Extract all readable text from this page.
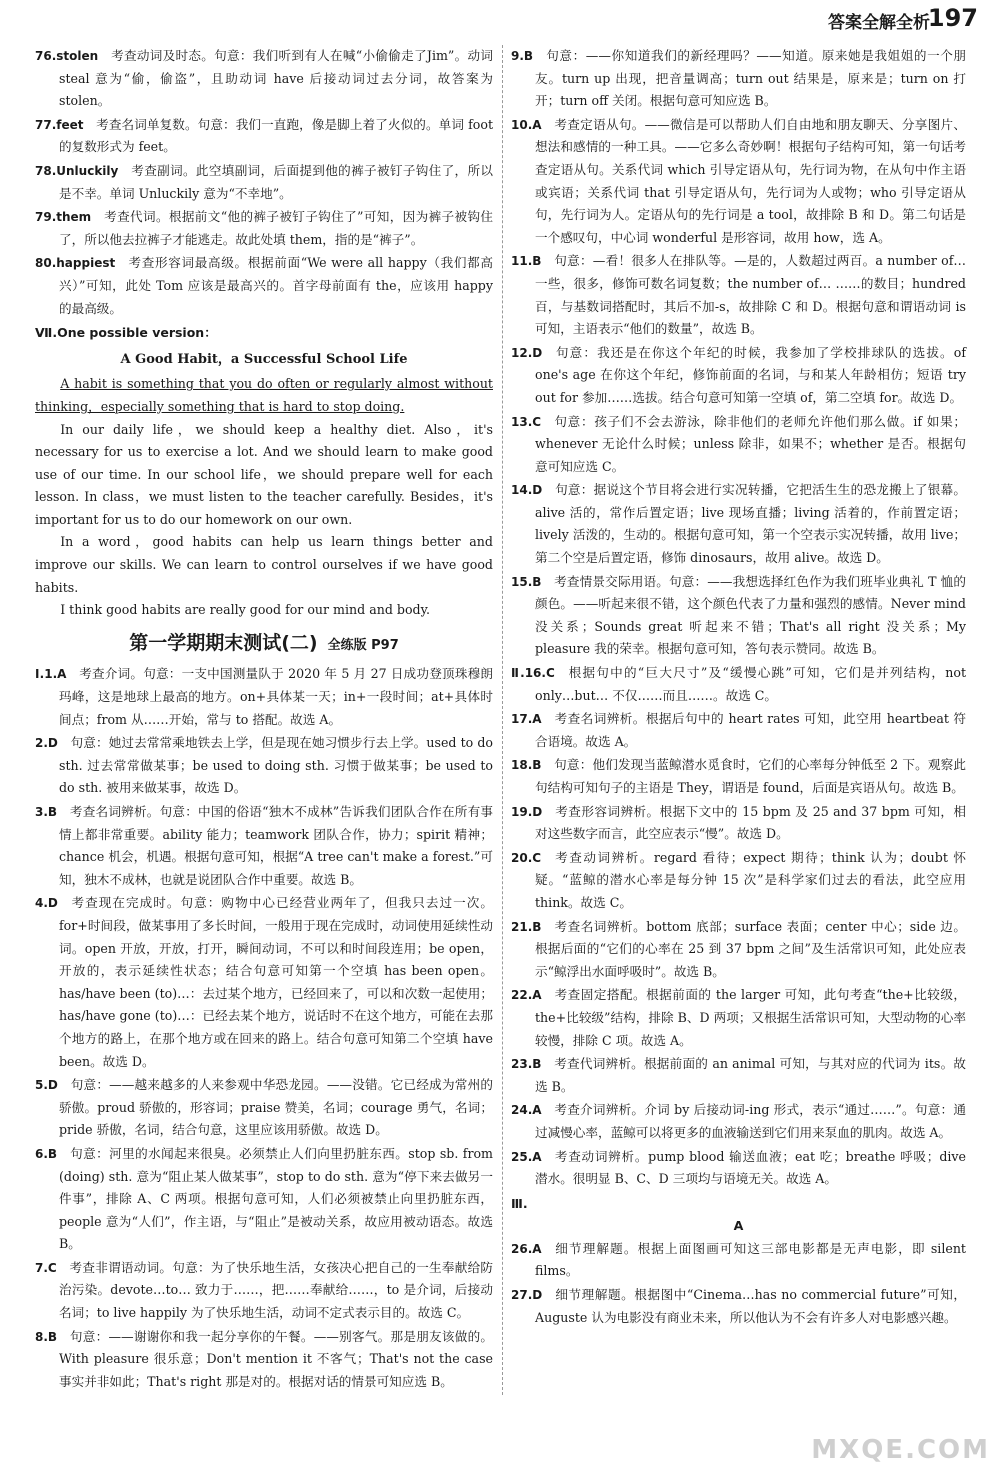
答案全解全析
197

76.stolen  考查动词及时态。句意：我们听到有人在喊“小偷偷走了Jim”。动词 steal 意为“偷，偷盗”，且助动词 have 后接动词过去分词，故答案为 stolen。

77.feet  考查名词单复数。句意：我们一直跑，像是脚上着了火似的。单词 foot 的复数形式为 feet。

78.Unluckily  考查副词。此空填副词，后面提到他的裤子被钉子钩住了，所以是不幸。单词 Unluckily 意为“不幸地”。

79.them  考查代词。根据前文“他的裤子被钉子钩住了”可知，因为裤子被钩住了，所以他去拉裤子才能逃走。故此处填 them，指的是“裤子”。

80.happiest  考查形容词最高级。根据前面“We were all happy（我们都高兴）”可知，此处 Tom 应该是最高兴的。首字母前面有 the，应该用 happy 的最高级。

Ⅶ.One possible version：
A Good Habit，a Successful School Life

A habit is something that you do often or regularly almost without thinking，especially something that is hard to stop doing.

In our daily life，we should keep a healthy diet. Also，it's necessary for us to exercise a lot. And we should learn to make good use of our time. In our school life，we should prepare well for each lesson. In class，we must listen to the teacher carefully. Besides，it's important for us to do our homework on our own.

In a word，good habits can help us learn things better and improve our skills. We can learn to control ourselves if we have good habits.

I think good habits are really good for our mind and body.

第一学期期末测试(二) 全练版 P97

Ⅰ.1.A  考查介词。句意：一支中国测量队于 2020 年 5 月 27 日成功登顶珠穆朗玛峰，这是地球上最高的地方。on+具体某一天；in+一段时间；at+具体时间点；from 从……开始，常与 to 搭配。故选 A。

2.D  句意：她过去常常乘地铁去上学，但是现在她习惯步行去上学。used to do sth. 过去常常做某事；be used to doing sth. 习惯于做某事；be used to do sth. 被用来做某事，故选 D。

3.B  考查名词辨析。句意：中国的俗语“独木不成林”告诉我们团队合作在所有事情上都非常重要。ability 能力；teamwork 团队合作，协力；spirit 精神；chance 机会，机遇。根据句意可知，根据“A tree can't make a forest.”可知，独木不成林，也就是说团队合作中重要。故选 B。

4.D  考查现在完成时。句意：购物中心已经营业两年了，但我只去过一次。for+时间段，做某事用了多长时间，一般用于现在完成时，动词使用延续性动词。open 开放，开放，打开，瞬间动词，不可以和时间段连用；be open，开放的，表示延续性状态；结合句意可知第一个空填 has been open。has/have been (to)…：去过某个地方，已经回来了，可以和次数一起使用；has/have gone (to)…：已经去某个地方，说话时不在这个地方，可能在去那个地方的路上，在那个地方或在回来的路上。结合句意可知第二个空填 have been。故选 D。

5.D  句意：——越来越多的人来参观中华恐龙园。——没错。它已经成为常州的骄傲。proud 骄傲的，形容词；praise 赞美，名词；courage 勇气，名词；pride 骄傲，名词，结合句意，这里应该用骄傲。故选 D。

6.B  句意：河里的水闻起来很臭。必须禁止人们向里扔脏东西。stop sb. from (doing) sth. 意为“阻止某人做某事”，stop to do sth. 意为“停下来去做另一件事”，排除 A、C 两项。根据句意可知，人们必须被禁止向里扔脏东西，people 意为“人们”，作主语，与“阻止”是被动关系，故应用被动语态。故选 B。

7.C  考查非谓语动词。句意：为了快乐地生活，女孩决心把自己的一生奉献给防治污染。devote…to… 致力于……，把……奉献给……，to 是介词，后接动名词；to live happily 为了快乐地生活，动词不定式表示目的。故选 C。

8.B  句意：——谢谢你和我一起分享你的午餐。——别客气。那是朋友该做的。With pleasure 很乐意；Don't mention it 不客气；That's not the case 事实并非如此；That's right 那是对的。根据对话的情景可知应选 B。

9.B  句意：——你知道我们的新经理吗？——知道。原来她是我姐姐的一个朋友。turn up 出现，把音量调高；turn out 结果是，原来是；turn on 打开；turn off 关闭。根据句意可知应选 B。

10.A  考查定语从句。——微信是可以帮助人们自由地和朋友聊天、分享图片、想法和感情的一种工具。——它多么奇妙啊！根据句子结构可知，第一句话考查定语从句。关系代词 which 引导定语从句，先行词为物，在从句中作主语或宾语；关系代词 that 引导定语从句，先行词为人或物；who 引导定语从句，先行词为人。定语从句的先行词是 a tool，故排除 B 和 D。第二句话是一个感叹句，中心词 wonderful 是形容词，故用 how，选 A。

11.B  句意：—看！很多人在排队等。—是的，人数超过两百。a number of…一些，很多，修饰可数名词复数；the number of… ……的数目；hundred 百，与基数词搭配时，其后不加-s，故排除 C 和 D。根据句意和谓语动词 is 可知，主语表示“他们的数量”，故选 B。

12.D  句意：我还是在你这个年纪的时候，我参加了学校排球队的选拔。of one's age 在你这个年纪，修饰前面的名词，与和某人年龄相仿；短语 try out for 参加……选拔。结合句意可知第一空填 of，第二空填 for。故选 D。

13.C  句意：孩子们不会去游泳，除非他们的老师允许他们那么做。if 如果；whenever 无论什么时候；unless 除非，如果不；whether 是否。根据句意可知应选 C。

14.D  句意：据说这个节目将会进行实况转播，它把活生生的恐龙搬上了银幕。alive 活的，常作后置定语；live 现场直播；living 活着的，作前置定语；lively 活泼的，生动的。根据句意可知，第一个空表示实况转播，故用 live；第二个空是后置定语，修饰 dinosaurs，故用 alive。故选 D。

15.B  考查情景交际用语。句意：——我想选择红色作为我们班毕业典礼 T 恤的颜色。——听起来很不错，这个颜色代表了力量和强烈的感情。Never mind 没关系；Sounds great 听起来不错；That's all right 没关系；My pleasure 我的荣幸。根据句意可知，答句表示赞同。故选 B。

Ⅱ.16.C  根据句中的“巨大尺寸”及“缓慢心跳”可知，它们是并列结构，not only…but… 不仅……而且……。故选 C。

17.A  考查名词辨析。根据后句中的 heart rates 可知，此空用 heartbeat 符合语境。故选 A。

18.B  句意：他们发现当蓝鲸潜水觅食时，它们的心率每分钟低至 2 下。观察此句结构可知句子的主语是 They，谓语是 found，后面是宾语从句。故选 B。

19.D  考查形容词辨析。根据下文中的 15 bpm 及 25 and 37 bpm 可知，相对这些数字而言，此空应表示“慢”。故选 D。

20.C  考查动词辨析。regard 看待；expect 期待；think 认为；doubt 怀疑。“蓝鲸的潜水心率是每分钟 15 次”是科学家们过去的看法，此空应用 think。故选 C。

21.B  考查名词辨析。bottom 底部；surface 表面；center 中心；side 边。根据后面的“它们的心率在 25 到 37 bpm 之间”及生活常识可知，此处应表示“鲸浮出水面呼吸时”。故选 B。

22.A  考查固定搭配。根据前面的 the larger 可知，此句考查“the+比较级，the+比较级”结构，排除 B、D 两项；又根据生活常识可知，大型动物的心率较慢，排除 C 项。故选 A。

23.B  考查代词辨析。根据前面的 an animal 可知，与其对应的代词为 its。故选 B。

24.A  考查介词辨析。介词 by 后接动词-ing 形式，表示“通过……”。句意：通过减慢心率，蓝鲸可以将更多的血液输送到它们用来泵血的肌肉。故选 A。

25.A  考查动词辨析。pump blood 输送血液；eat 吃；breathe 呼吸；dive 潜水。很明显 B、C、D 三项均与语境无关。故选 A。

Ⅲ.
A

26.A  细节理解题。根据上面图画可知这三部电影都是无声电影，即 silent films。

27.D  细节理解题。根据图中“Cinema…has no commercial future”可知，Auguste 认为电影没有商业未来，所以他认为不会有许多人对电影感兴趣。

MXQE.COM
